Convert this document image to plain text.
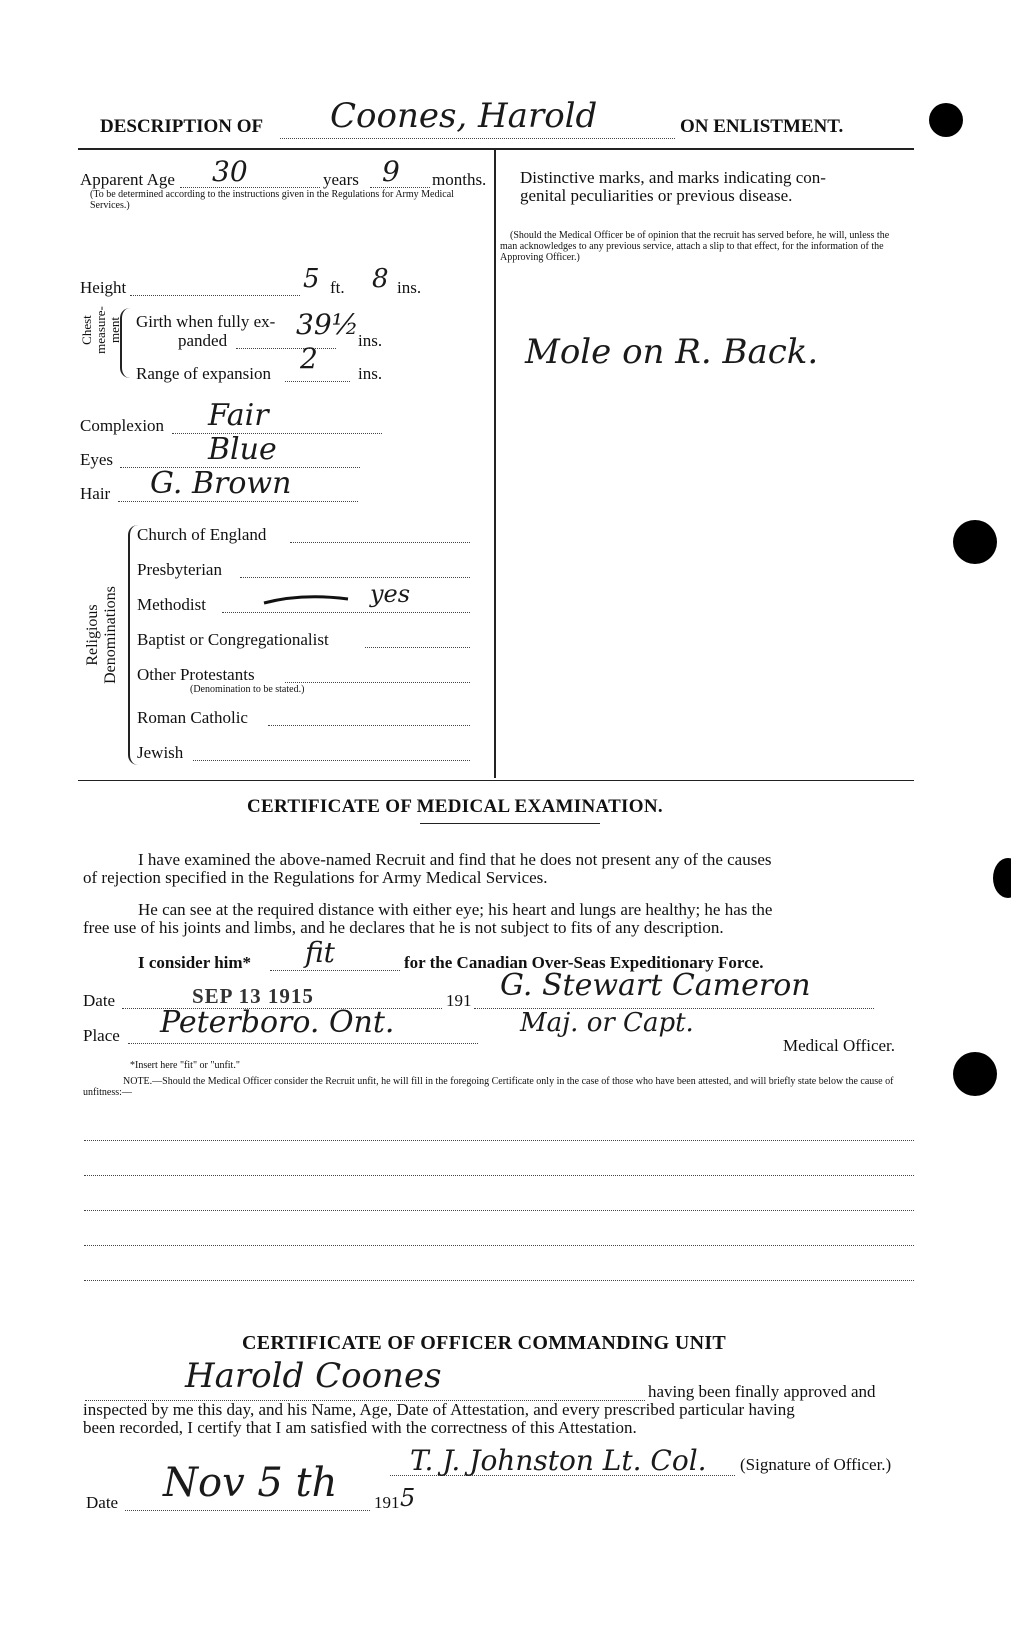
DESCRIPTION OF Coones, Harold	ON ENLISTMENT.
Apparent Age 30	years 9 months.
(To be determined according to the instructions given in the Regulations for Army Medical Services.)
Height	5 ft. 8 ins.
Chest measure-ment Girth when fully ex-
panded 39½ ins.
Range of expansion 2 ins.
Complexion Fair
Eyes	Blue
Hair G. Brown
Religious
Denominations
Church of England
Presbyterian
Methodist	yes
Baptist or Congregationalist
Other Protestants
(Denomination to be stated.)
Roman Catholic
Jewish
Distinctive marks, and marks indicating con-
genital peculiarities or previous disease.
(Should the Medical Officer be of opinion that the recruit has served before, he will, unless the man acknowledges to any previous service, attach a slip to that effect, for the information of the Approving Officer.)
Mole on R. Back.
CERTIFICATE OF MEDICAL EXAMINATION.
I have examined the above-named Recruit and find that he does not present any of the causes
of rejection specified in the Regulations for Army Medical Services.
He can see at the required distance with either eye; his heart and lungs are healthy; he has the
free use of his joints and limbs, and he declares that he is not subject to fits of any description.
I consider him* fit	for the Canadian Over-Seas Expeditionary Force.
Date	SEP 13 1915	191 G. Stewart Cameron
Place Peterboro. Ont.	Maj. or Capt.
Medical Officer.
*Insert here "fit" or "unfit."
NOTE.—Should the Medical Officer consider the Recruit unfit, he will fill in the foregoing Certificate only in the case of those who have been attested, and will briefly state below the cause of unfitness:—
CERTIFICATE OF OFFICER COMMANDING UNIT
Harold Coones	having been finally approved and
inspected by me this day, and his Name, Age, Date of Attestation, and every prescribed particular having
been recorded, I certify that I am satisfied with the correctness of this Attestation.
T. J. Johnston Lt. Col. (Signature of Officer.)
Date Nov 5 th 191 5
